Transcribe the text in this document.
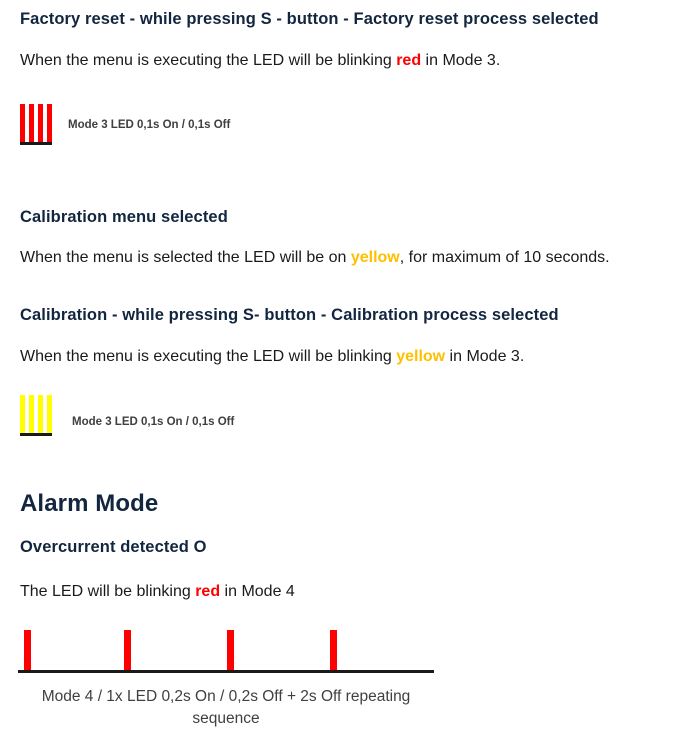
Factory reset - while pressing S - button - Factory reset process selected
When the menu is executing the LED will be blinking red in Mode 3.
Mode 3 LED 0,1s On / 0,1s Off
Calibration menu selected
When the menu is selected the LED will be on yellow, for maximum of 10 seconds.
Calibration - while pressing S- button - Calibration process selected
When the menu is executing the LED will be blinking yellow in Mode 3.
Mode 3 LED 0,1s On / 0,1s Off
Alarm Mode
Overcurrent detected O
The LED will be blinking red in Mode 4
Mode 4 / 1x LED 0,2s On / 0,2s Off + 2s Off repeating
sequence
